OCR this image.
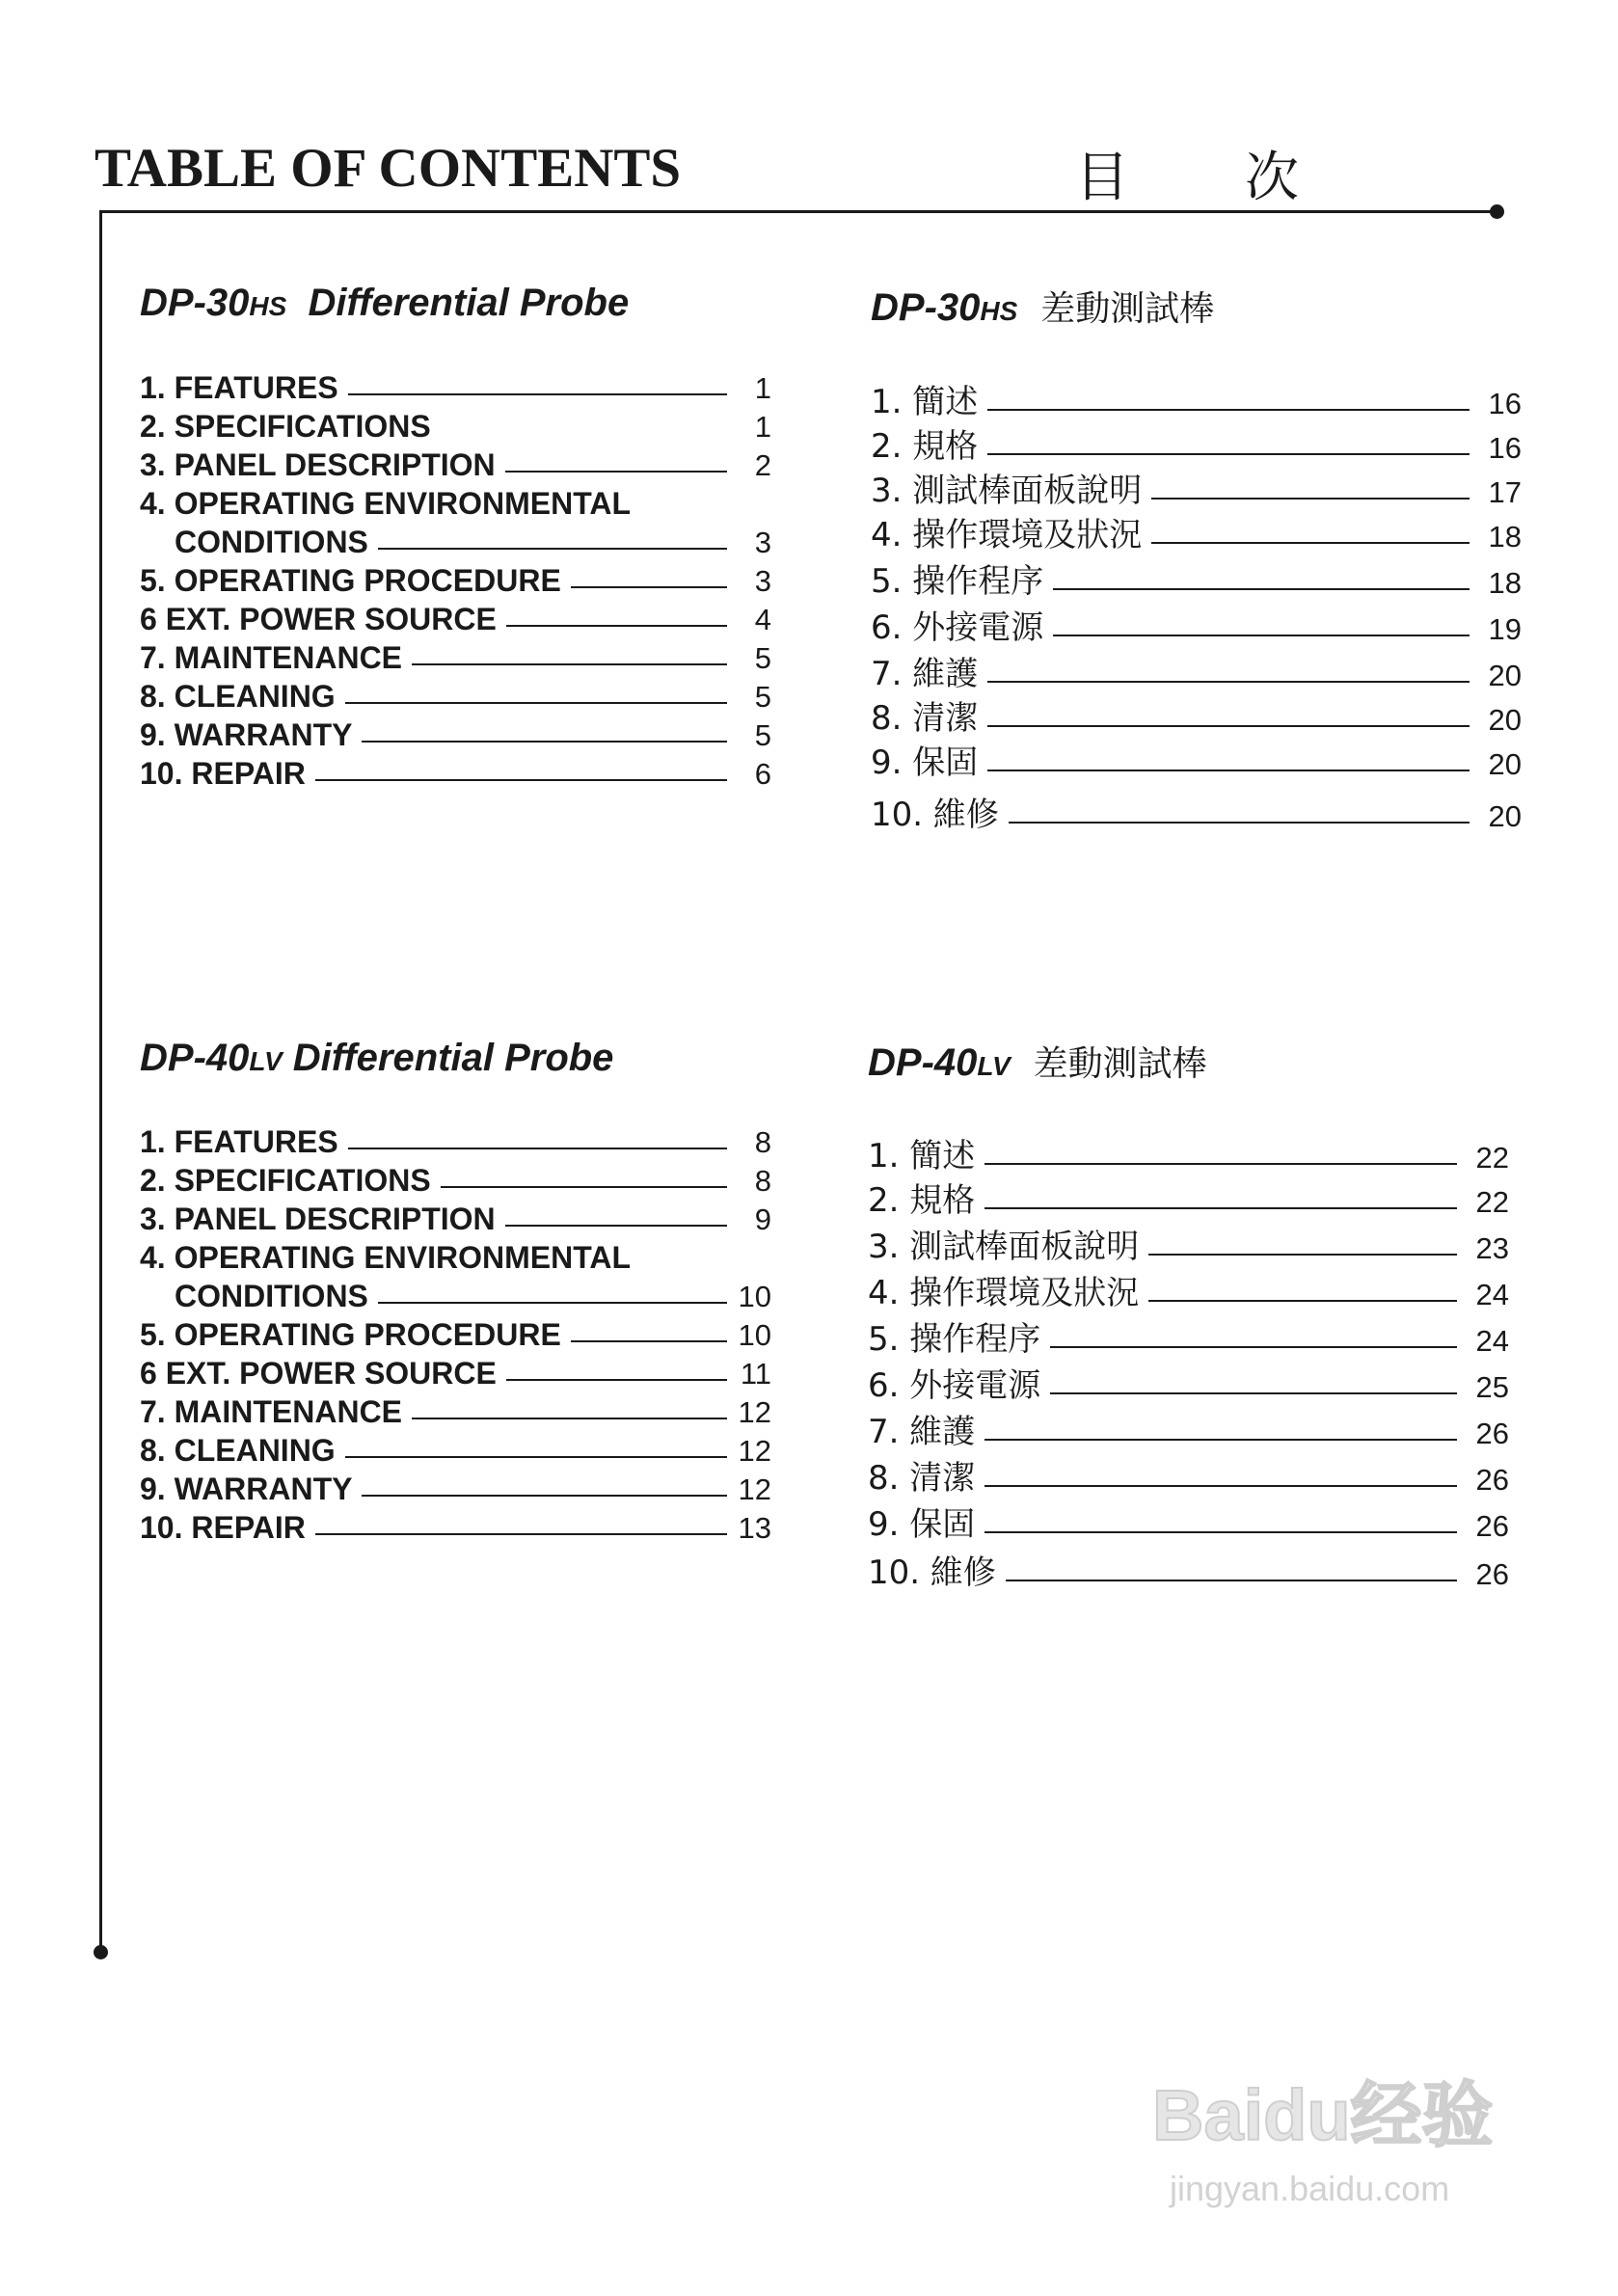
TABLE OF CONTENTS	目 次
DP-30HS Differential Probe
1. FEATURES	1
2. SPECIFICATIONS	1
3. PANEL DESCRIPTION	2
4. OPERATING ENVIRONMENTAL
CONDITIONS	3
5. OPERATING PROCEDURE	3
6 EXT. POWER SOURCE	4
7. MAINTENANCE	5
8. CLEANING	5
9. WARRANTY	5
10. REPAIR	6
DP-30HS 差動測試棒
1. 簡述	16
2. 規格	16
3. 測試棒面板說明	17
4. 操作環境及狀況	18
5. 操作程序	18
6. 外接電源	19
7. 維護	20
8. 清潔	20
9. 保固	20
10. 維修	20
DP-40LV Differential Probe
1. FEATURES	8
2. SPECIFICATIONS	8
3. PANEL DESCRIPTION	9
4. OPERATING ENVIRONMENTAL
CONDITIONS	10
5. OPERATING PROCEDURE	10
6 EXT. POWER SOURCE	11
7. MAINTENANCE	12
8. CLEANING	12
9. WARRANTY	12
10. REPAIR	13
DP-40LV 差動測試棒
1. 簡述	22
2. 規格	22
3. 測試棒面板說明	23
4. 操作環境及狀況	24
5. 操作程序	24
6. 外接電源	25
7. 維護	26
8. 清潔	26
9. 保固	26
10. 維修	26
Baidu经验
jingyan.baidu.com
